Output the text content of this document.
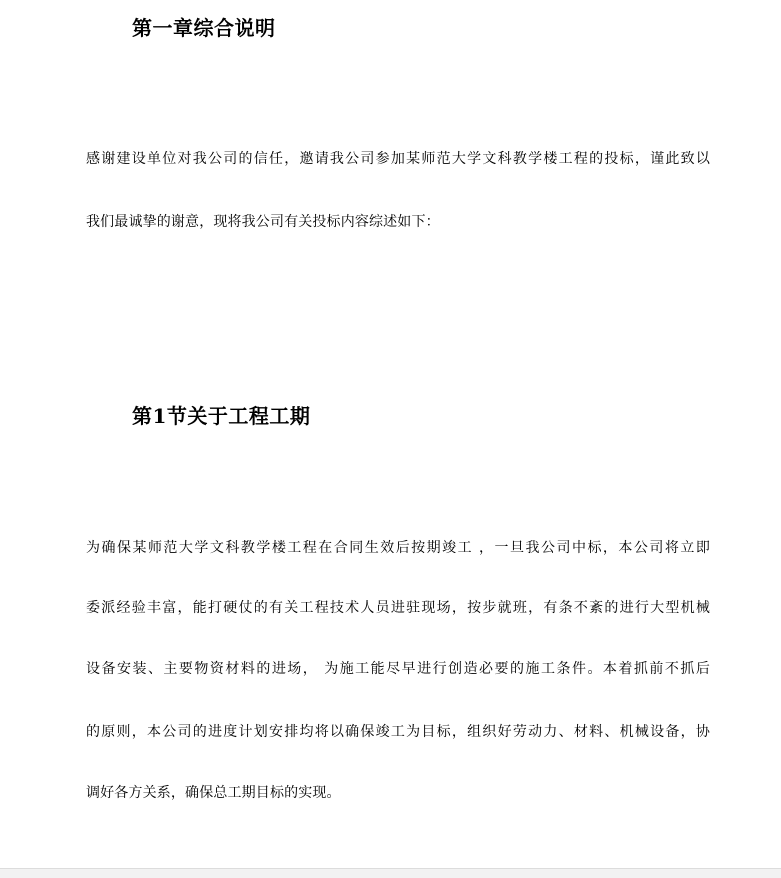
第一章综合说明

感谢建设单位对我公司的信任，邀请我公司参加某师范大学文科教学楼工程的投标，谨此致以

我们最诚挚的谢意，现将我公司有关投标内容综述如下：

第1节关于工程工期

为确保某师范大学文科教学楼工程在合同生效后按期竣工 ，一旦我公司中标，本公司将立即

委派经验丰富，能打硬仗的有关工程技术人员进驻现场，按步就班，有条不紊的进行大型机械

设备安装、主要物资材料的进场， 为施工能尽早进行创造必要的施工条件。本着抓前不抓后

的原则，本公司的进度计划安排均将以确保竣工为目标，组织好劳动力、材料、机械设备，协

调好各方关系，确保总工期目标的实现。
